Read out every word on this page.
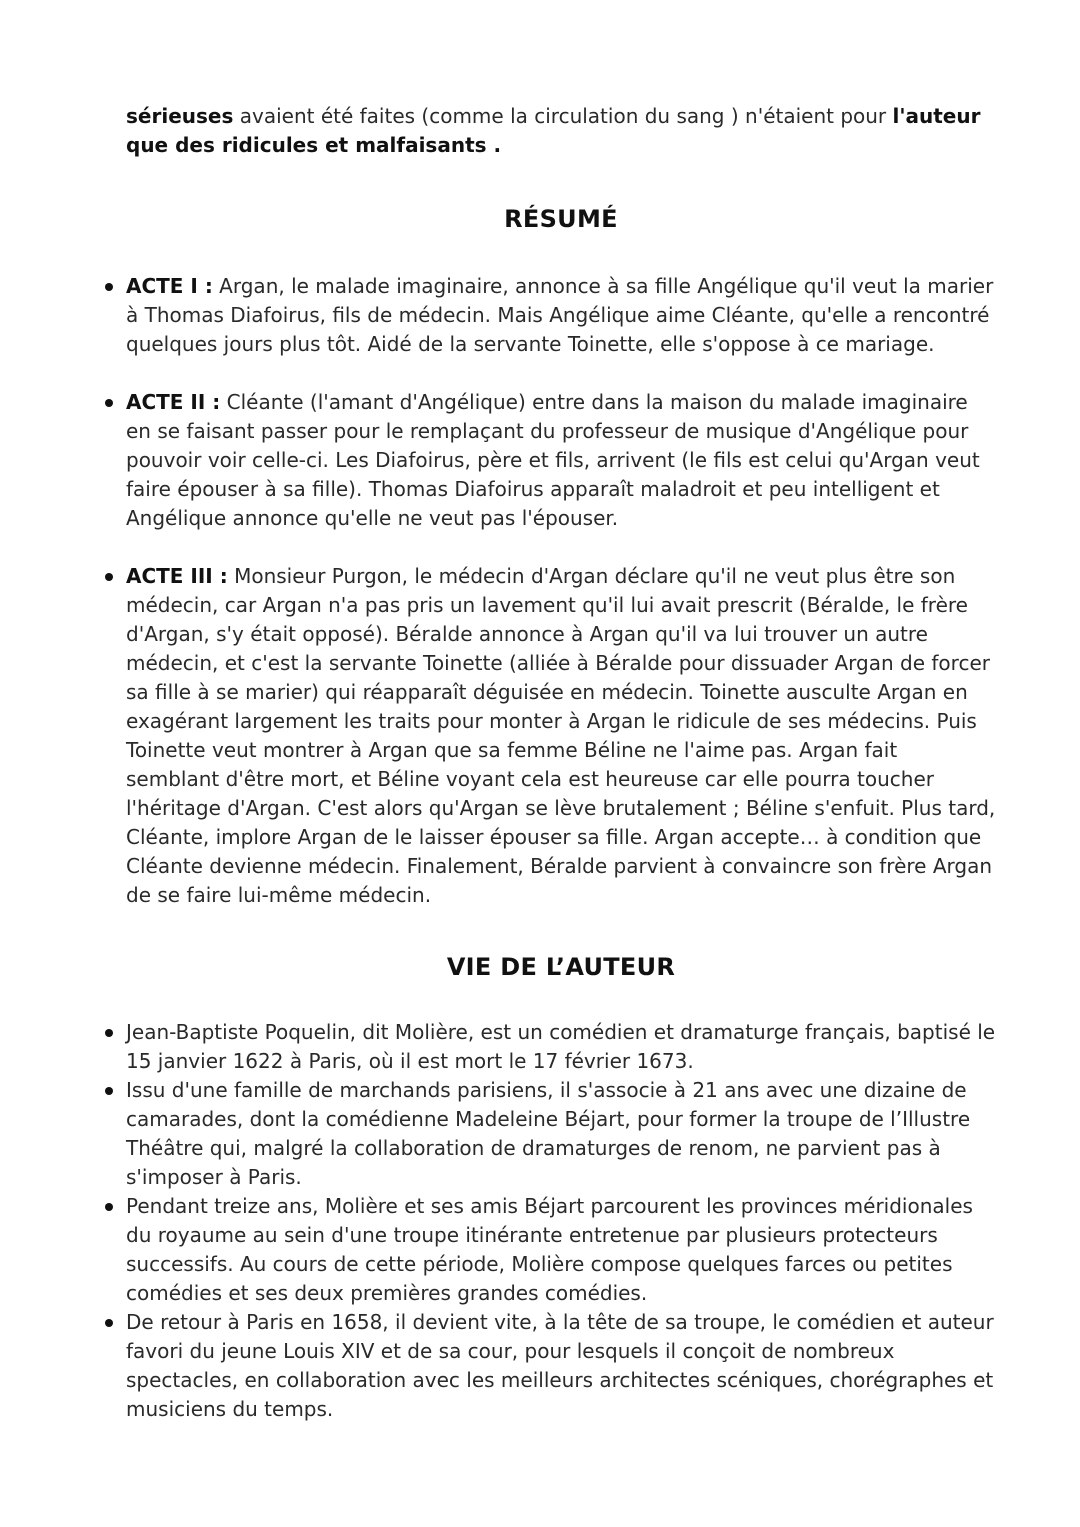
sérieuses avaient été faites (comme la circulation du sang ) n'étaient pour l'auteur que des ridicules et malfaisants .

RÉSUMÉ
ACTE I : Argan, le malade imaginaire, annonce à sa fille Angélique qu'il veut la marier à Thomas Diafoirus, fils de médecin. Mais Angélique aime Cléante, qu'elle a rencontré quelques jours plus tôt. Aidé de la servante Toinette, elle s'oppose à ce mariage.
ACTE II : Cléante (l'amant d'Angélique) entre dans la maison du malade imaginaire en se faisant passer pour le remplaçant du professeur de musique d'Angélique pour pouvoir voir celle-ci. Les Diafoirus, père et fils, arrivent (le fils est celui qu'Argan veut faire épouser à sa fille). Thomas Diafoirus apparaît maladroit et peu intelligent et Angélique annonce qu'elle ne veut pas l'épouser.
ACTE III : Monsieur Purgon, le médecin d'Argan déclare qu'il ne veut plus être son médecin, car Argan n'a pas pris un lavement qu'il lui avait prescrit (Béralde, le frère d'Argan, s'y était opposé). Béralde annonce à Argan qu'il va lui trouver un autre médecin, et c'est la servante Toinette (alliée à Béralde pour dissuader Argan de forcer sa fille à se marier) qui réapparaît déguisée en médecin. Toinette ausculte Argan en exagérant largement les traits pour monter à Argan le ridicule de ses médecins. Puis Toinette veut montrer à Argan que sa femme Béline ne l'aime pas. Argan fait semblant d'être mort, et Béline voyant cela est heureuse car elle pourra toucher l'héritage d'Argan. C'est alors qu'Argan se lève brutalement ; Béline s'enfuit. Plus tard, Cléante, implore Argan de le laisser épouser sa fille. Argan accepte… à condition que Cléante devienne médecin. Finalement, Béralde parvient à convaincre son frère Argan de se faire lui-même médecin.
VIE DE L’AUTEUR
Jean-Baptiste Poquelin, dit Molière, est un comédien et dramaturge français, baptisé le 15 janvier 1622 à Paris, où il est mort le 17 février 1673.
Issu d'une famille de marchands parisiens, il s'associe à 21 ans avec une dizaine de camarades, dont la comédienne Madeleine Béjart, pour former la troupe de l’Illustre Théâtre qui, malgré la collaboration de dramaturges de renom, ne parvient pas à s'imposer à Paris.
Pendant treize ans, Molière et ses amis Béjart parcourent les provinces méridionales du royaume au sein d'une troupe itinérante entretenue par plusieurs protecteurs successifs. Au cours de cette période, Molière compose quelques farces ou petites comédies et ses deux premières grandes comédies.
De retour à Paris en 1658, il devient vite, à la tête de sa troupe, le comédien et auteur favori du jeune Louis XIV et de sa cour, pour lesquels il conçoit de nombreux spectacles, en collaboration avec les meilleurs architectes scéniques, chorégraphes et musiciens du temps.
